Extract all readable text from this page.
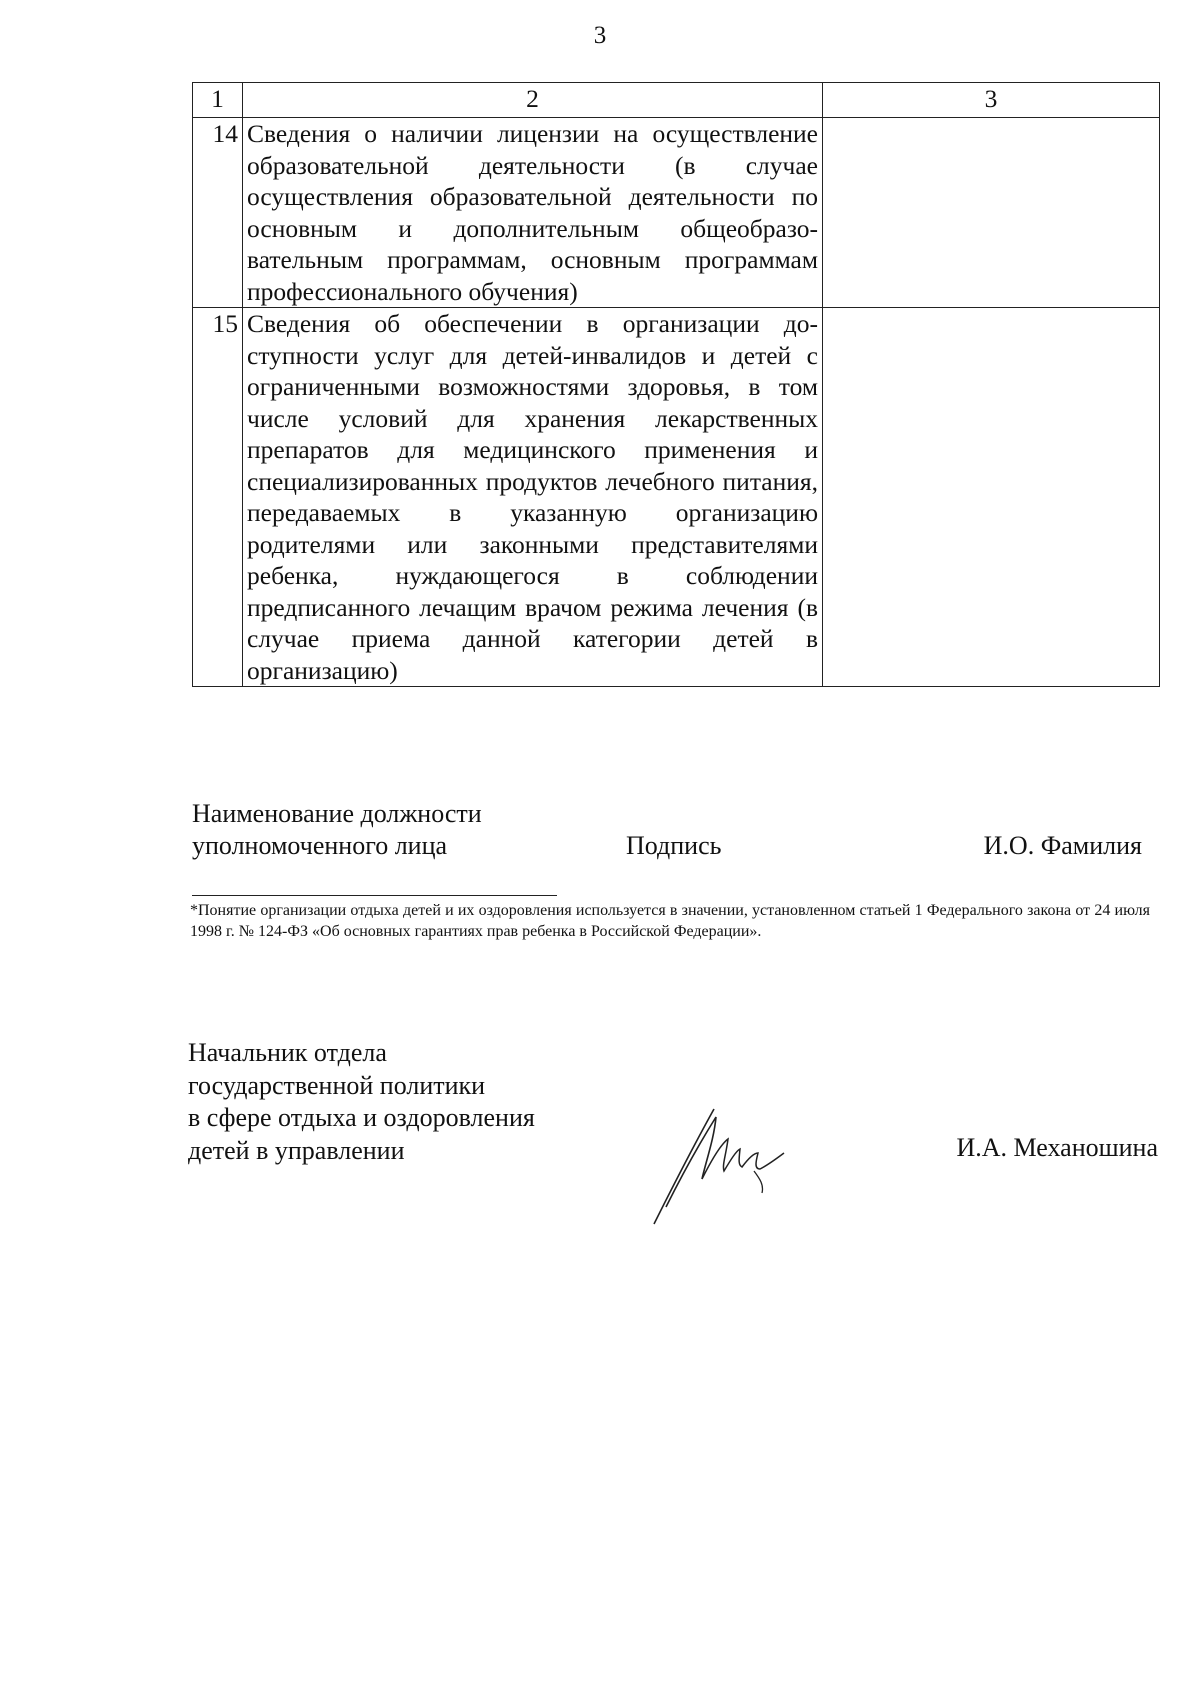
3
1	2	3
14	Сведения о наличии лицензии на осуществление образовательной деятельности (в случае осуществления образовательной деятельности по основным и дополнительным общеобразовательным программам, основным программам профессионального обучения)	
15	Сведения об обеспечении в организации доступности услуг для детей-инвалидов и детей с ограниченными возможностями здоровья, в том числе условий для хранения лекарственных препаратов для медицинского применения и специализированных продуктов лечебного питания, передаваемых в указанную организацию родителями или законными представителями ребенка, нуждающегося в соблюдении предписанного лечащим врачом режима лечения (в случае приема данной категории детей в организацию)	
Наименование должности уполномоченного лица	Подпись	И.О. Фамилия
*Понятие организации отдыха детей и их оздоровления используется в значении, установленном статьей 1 Федерального закона от 24 июля 1998 г. № 124-ФЗ «Об основных гарантиях прав ребенка в Российской Федерации».
Начальник отдела
государственной политики
в сфере отдыха и оздоровления
детей в управлении	И.А. Механошина
